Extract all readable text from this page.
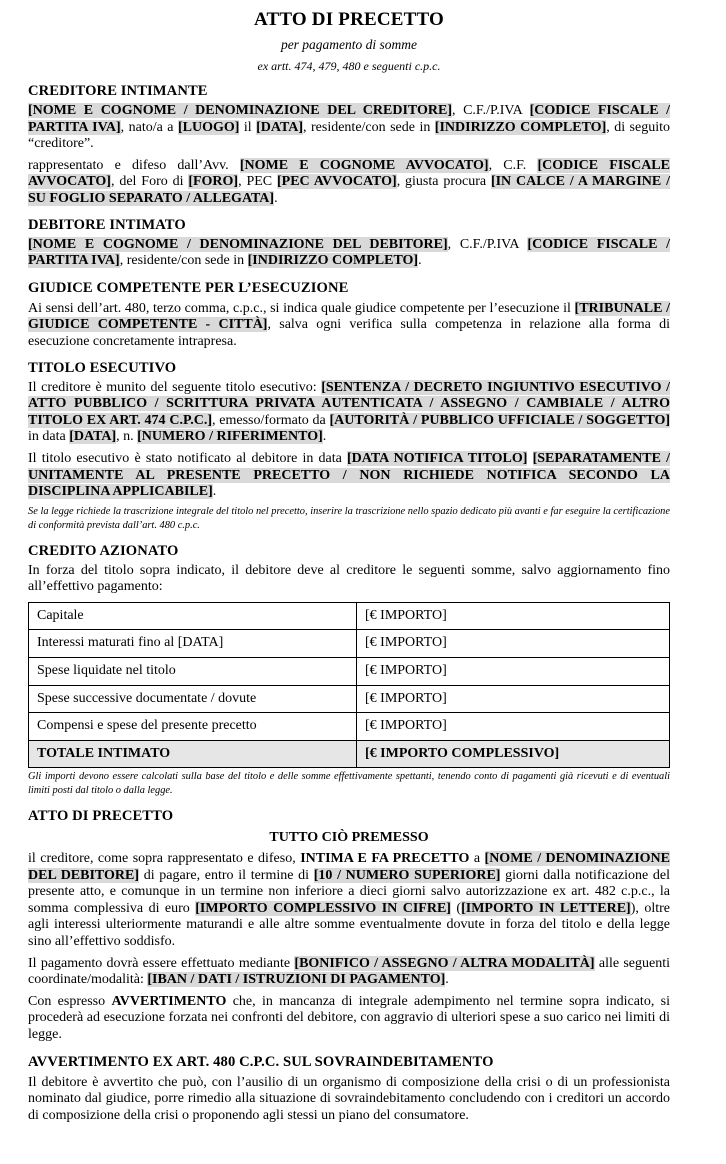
ATTO DI PRECETTO
per pagamento di somme
ex artt. 474, 479, 480 e seguenti c.p.c.
CREDITORE INTIMANTE

[NOME E COGNOME / DENOMINAZIONE DEL CREDITORE], C.F./P.IVA [CODICE FISCALE / PARTITA IVA], nato/a a [LUOGO] il [DATA], residente/con sede in [INDIRIZZO COMPLETO], di seguito “creditore”.

rappresentato e difeso dall’Avv. [NOME E COGNOME AVVOCATO], C.F. [CODICE FISCALE AVVOCATO], del Foro di [FORO], PEC [PEC AVVOCATO], giusta procura [IN CALCE / A MARGINE / SU FOGLIO SEPARATO / ALLEGATA].

DEBITORE INTIMATO

[NOME E COGNOME / DENOMINAZIONE DEL DEBITORE], C.F./P.IVA [CODICE FISCALE / PARTITA IVA], residente/con sede in [INDIRIZZO COMPLETO].

GIUDICE COMPETENTE PER L’ESECUZIONE

Ai sensi dell’art. 480, terzo comma, c.p.c., si indica quale giudice competente per l’esecuzione il [TRIBUNALE / GIUDICE COMPETENTE - CITTÀ], salva ogni verifica sulla competenza in relazione alla forma di esecuzione concretamente intrapresa.

TITOLO ESECUTIVO

Il creditore è munito del seguente titolo esecutivo: [SENTENZA / DECRETO INGIUNTIVO ESECUTIVO / ATTO PUBBLICO / SCRITTURA PRIVATA AUTENTICATA / ASSEGNO / CAMBIALE / ALTRO TITOLO EX ART. 474 C.P.C.], emesso/formato da [AUTORITÀ / PUBBLICO UFFICIALE / SOGGETTO] in data [DATA], n. [NUMERO / RIFERIMENTO].

Il titolo esecutivo è stato notificato al debitore in data [DATA NOTIFICA TITOLO] [SEPARATAMENTE / UNITAMENTE AL PRESENTE PRECETTO / NON RICHIEDE NOTIFICA SECONDO LA DISCIPLINA APPLICABILE].

Se la legge richiede la trascrizione integrale del titolo nel precetto, inserire la trascrizione nello spazio dedicato più avanti e far eseguire la certificazione di conformità prevista dall’art. 480 c.p.c.

CREDITO AZIONATO

In forza del titolo sopra indicato, il debitore deve al creditore le seguenti somme, salvo aggiornamento fino all’effettivo pagamento:

Capitale	[€ IMPORTO]
Interessi maturati fino al [DATA]	[€ IMPORTO]
Spese liquidate nel titolo	[€ IMPORTO]
Spese successive documentate / dovute	[€ IMPORTO]
Compensi e spese del presente precetto	[€ IMPORTO]
TOTALE INTIMATO	[€ IMPORTO COMPLESSIVO]

Gli importi devono essere calcolati sulla base del titolo e delle somme effettivamente spettanti, tenendo conto di pagamenti già ricevuti e di eventuali limiti posti dal titolo o dalla legge.

ATTO DI PRECETTO

TUTTO CIÒ PREMESSO

il creditore, come sopra rappresentato e difeso, INTIMA E FA PRECETTO a [NOME / DENOMINAZIONE DEL DEBITORE] di pagare, entro il termine di [10 / NUMERO SUPERIORE] giorni dalla notificazione del presente atto, e comunque in un termine non inferiore a dieci giorni salvo autorizzazione ex art. 482 c.p.c., la somma complessiva di euro [IMPORTO COMPLESSIVO IN CIFRE] ([IMPORTO IN LETTERE]), oltre agli interessi ulteriormente maturandi e alle altre somme eventualmente dovute in forza del titolo e della legge sino all’effettivo soddisfo.

Il pagamento dovrà essere effettuato mediante [BONIFICO / ASSEGNO / ALTRA MODALITÀ] alle seguenti coordinate/modalità: [IBAN / DATI / ISTRUZIONI DI PAGAMENTO].

Con espresso AVVERTIMENTO che, in mancanza di integrale adempimento nel termine sopra indicato, si procederà ad esecuzione forzata nei confronti del debitore, con aggravio di ulteriori spese a suo carico nei limiti di legge.

AVVERTIMENTO EX ART. 480 C.P.C. SUL SOVRAINDEBITAMENTO

Il debitore è avvertito che può, con l’ausilio di un organismo di composizione della crisi o di un professionista nominato dal giudice, porre rimedio alla situazione di sovraindebitamento concludendo con i creditori un accordo di composizione della crisi o proponendo agli stessi un piano del consumatore.
